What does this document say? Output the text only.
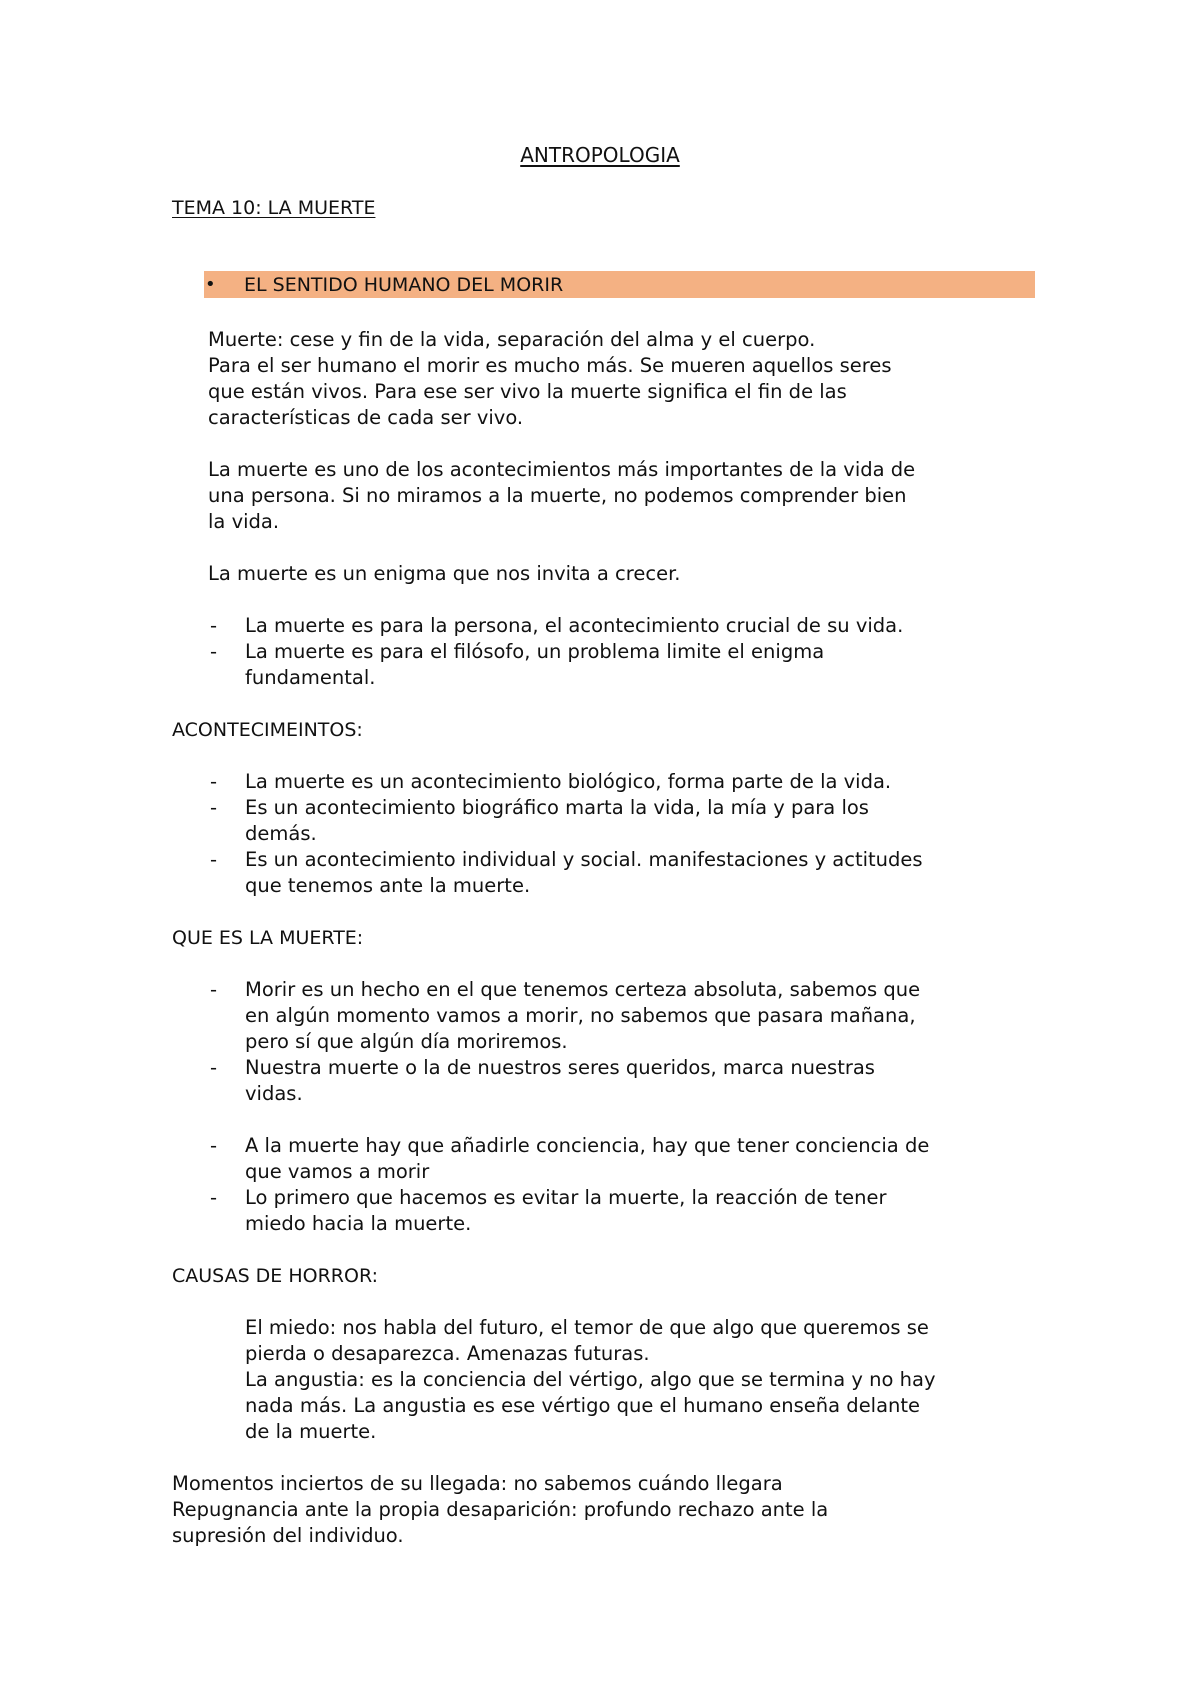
ANTROPOLOGIA
TEMA 10: LA MUERTE
• EL SENTIDO HUMANO DEL MORIR
Muerte: cese y fin de la vida, separación del alma y el cuerpo.
Para el ser humano el morir es mucho más. Se mueren aquellos seres
que están vivos. Para ese ser vivo la muerte significa el fin de las
características de cada ser vivo.
La muerte es uno de los acontecimientos más importantes de la vida de
una persona. Si no miramos a la muerte, no podemos comprender bien
la vida.
La muerte es un enigma que nos invita a crecer.
- La muerte es para la persona, el acontecimiento crucial de su vida.
- La muerte es para el filósofo, un problema limite el enigma
fundamental.
ACONTECIMEINTOS:
- La muerte es un acontecimiento biológico, forma parte de la vida.
- Es un acontecimiento biográfico marta la vida, la mía y para los
demás.
- Es un acontecimiento individual y social. manifestaciones y actitudes
que tenemos ante la muerte.
QUE ES LA MUERTE:
- Morir es un hecho en el que tenemos certeza absoluta, sabemos que
en algún momento vamos a morir, no sabemos que pasara mañana,
pero sí que algún día moriremos.
- Nuestra muerte o la de nuestros seres queridos, marca nuestras
vidas.
- A la muerte hay que añadirle conciencia, hay que tener conciencia de
que vamos a morir
- Lo primero que hacemos es evitar la muerte, la reacción de tener
miedo hacia la muerte.
CAUSAS DE HORROR:
El miedo: nos habla del futuro, el temor de que algo que queremos se
pierda o desaparezca. Amenazas futuras.
La angustia: es la conciencia del vértigo, algo que se termina y no hay
nada más. La angustia es ese vértigo que el humano enseña delante
de la muerte.
Momentos inciertos de su llegada: no sabemos cuándo llegara
Repugnancia ante la propia desaparición: profundo rechazo ante la
supresión del individuo.
